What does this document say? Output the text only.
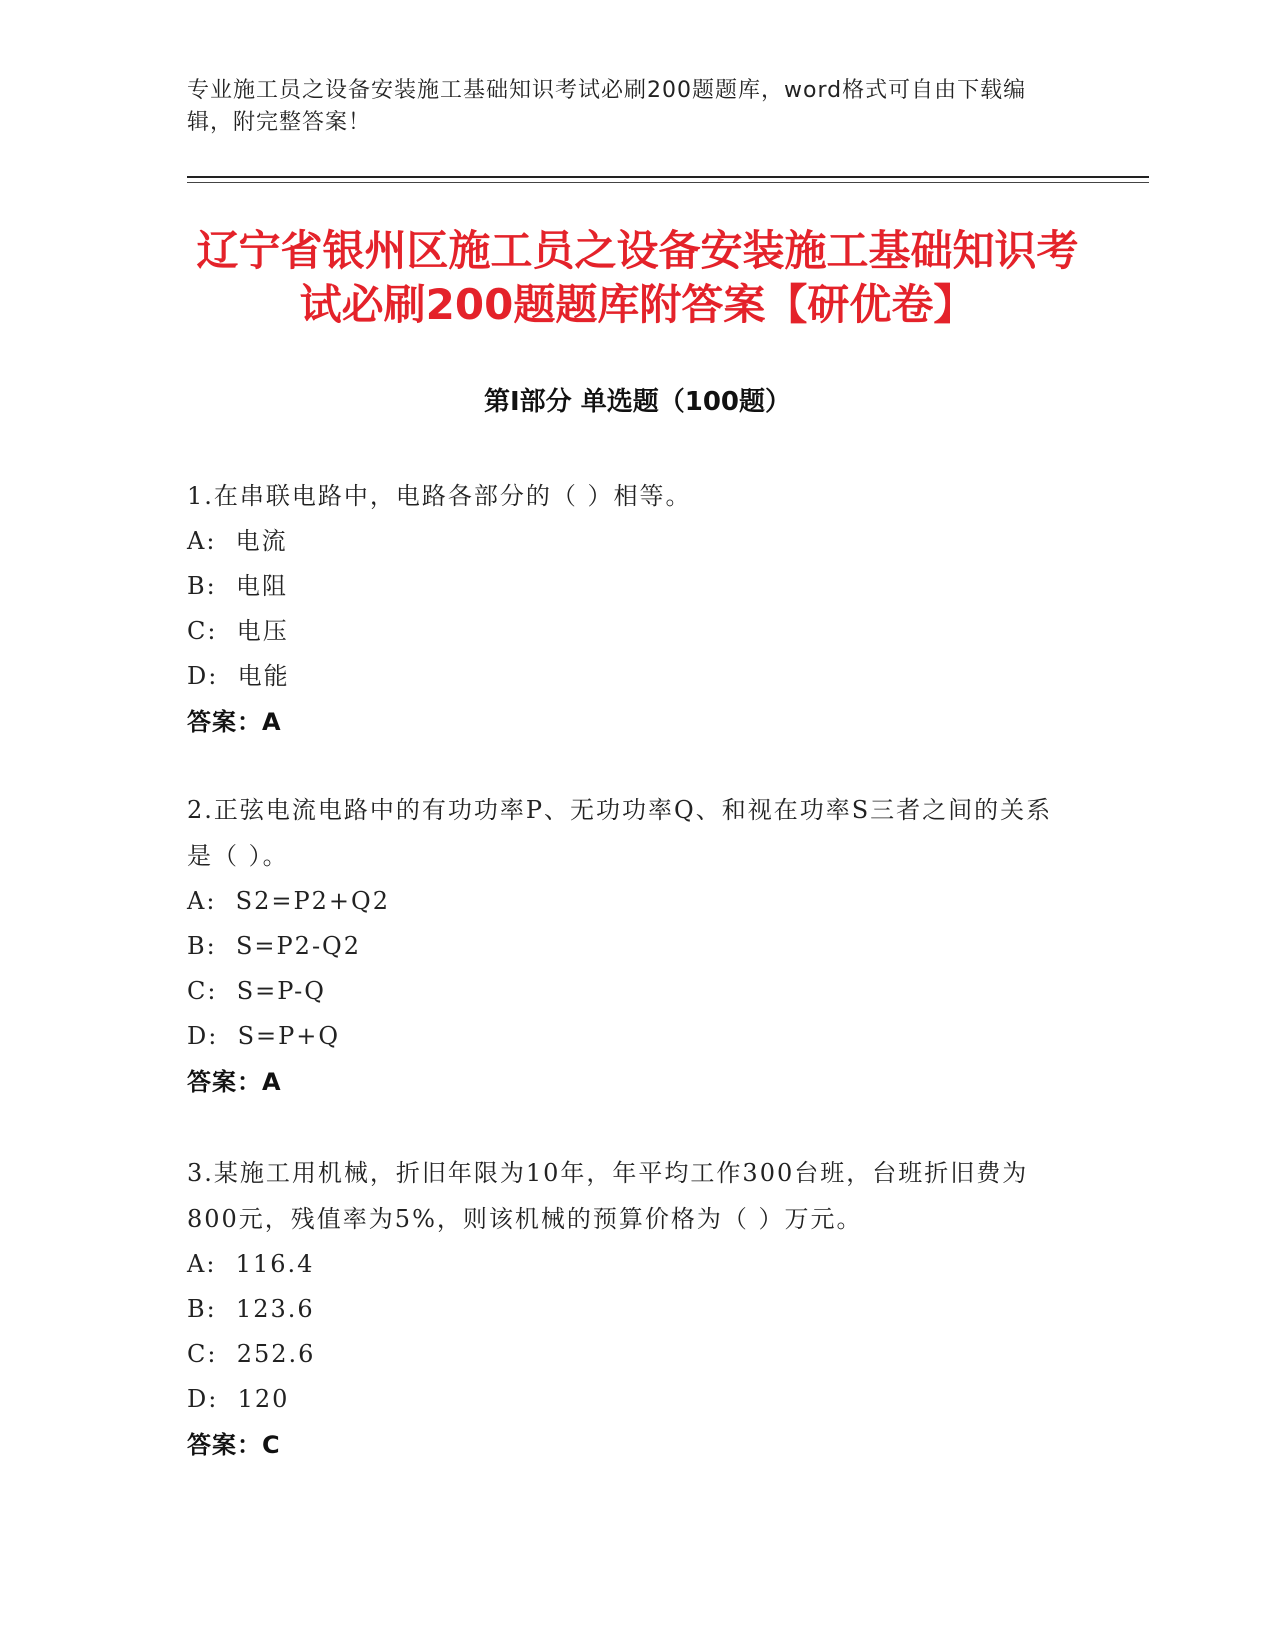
专业施工员之设备安装施工基础知识考试必刷200题题库，word格式可自由下载编辑，附完整答案！
辽宁省银州区施工员之设备安装施工基础知识考试必刷200题题库附答案【研优卷】
第Ⅰ部分 单选题（100题）

1.在串联电路中，电路各部分的（ ）相等。

A:  电流

B:  电阻

C:  电压

D:  电能

答案：A

2.正弦电流电路中的有功功率P、无功功率Q、和视在功率S三者之间的关系是（ ）。

A:  S2=P2+Q2

B:  S=P2-Q2

C:  S=P-Q

D:  S=P+Q

答案：A

3.某施工用机械，折旧年限为10年，年平均工作300台班，台班折旧费为800元，残值率为5%，则该机械的预算价格为（ ）万元。

A:  116.4

B:  123.6

C:  252.6

D:  120

答案：C
